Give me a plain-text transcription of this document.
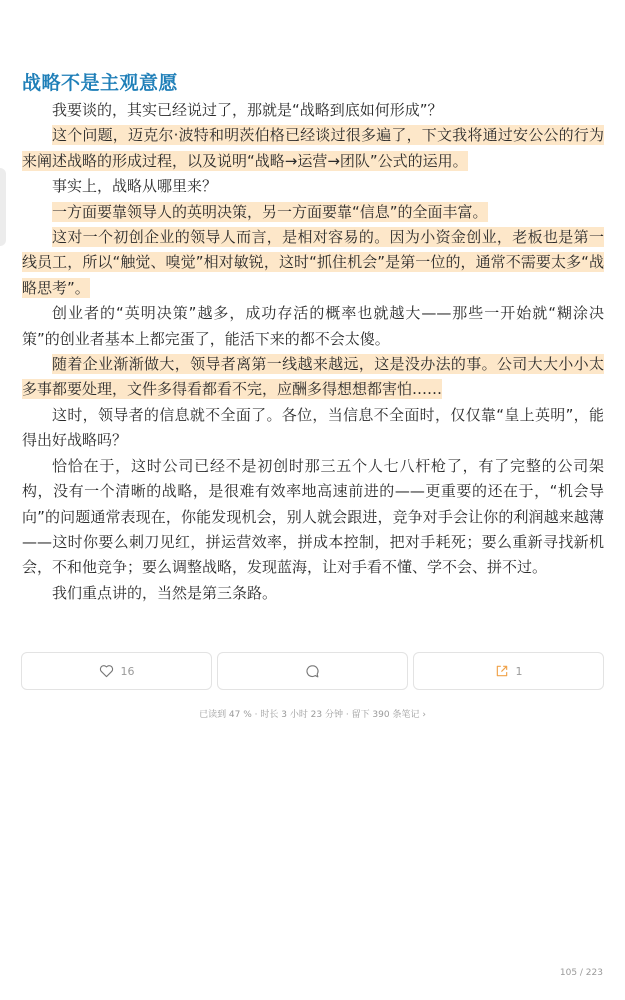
战略不是主观意愿

我要谈的，其实已经说过了，那就是“战略到底如何形成”？

这个问题，迈克尔·波特和明茨伯格已经谈过很多遍了，下文我将通过安公公的行为来阐述战略的形成过程，以及说明“战略→运营→团队”公式的运用。

事实上，战略从哪里来？

一方面要靠领导人的英明决策，另一方面要靠“信息”的全面丰富。

这对一个初创企业的领导人而言，是相对容易的。因为小资金创业，老板也是第一线员工，所以“触觉、嗅觉”相对敏锐，这时“抓住机会”是第一位的，通常不需要太多“战略思考”。

创业者的“英明决策”越多，成功存活的概率也就越大——那些一开始就“糊涂决策”的创业者基本上都完蛋了，能活下来的都不会太傻。

随着企业渐渐做大，领导者离第一线越来越远，这是没办法的事。公司大大小小太多事都要处理，文件多得看都看不完，应酬多得想想都害怕……

这时，领导者的信息就不全面了。各位，当信息不全面时，仅仅靠“皇上英明”，能得出好战略吗？

恰恰在于，这时公司已经不是初创时那三五个人七八杆枪了，有了完整的公司架构，没有一个清晰的战略，是很难有效率地高速前进的——更重要的还在于，“机会导向”的问题通常表现在，你能发现机会，别人就会跟进，竞争对手会让你的利润越来越薄——这时你要么刺刀见红，拼运营效率，拼成本控制，把对手耗死；要么重新寻找新机会，不和他竞争；要么调整战略，发现蓝海，让对手看不懂、学不会、拼不过。

我们重点讲的，当然是第三条路。

16	1
已读到 47 % · 时长 3 小时 23 分钟 · 留下 390 条笔记 ›
105 / 223
